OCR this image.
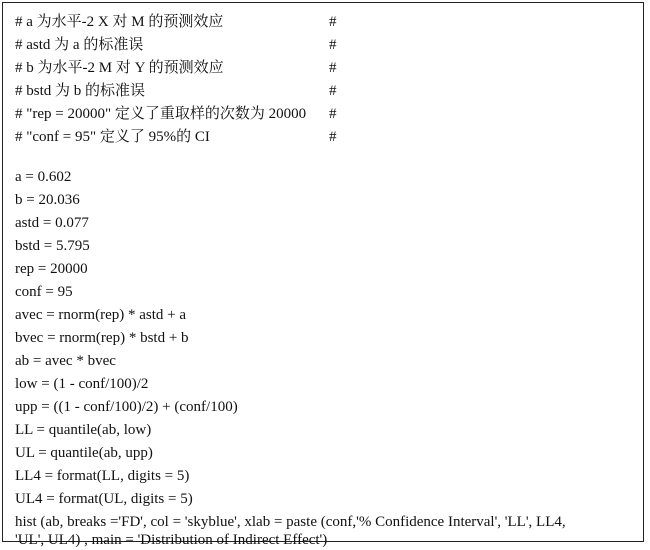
# a 为水平-2 X 对 M 的预测效应	#
# astd 为 a 的标准误	#
# b 为水平-2 M 对 Y 的预测效应	#
# bstd 为 b 的标准误	#
# "rep = 20000" 定义了重取样的次数为 20000 #
# "conf = 95" 定义了 95%的 CI	#
a = 0.602
b = 20.036
astd = 0.077
bstd = 5.795
rep = 20000
conf = 95
avec = rnorm(rep) * astd + a
bvec = rnorm(rep) * bstd + b
ab = avec * bvec
low = (1 - conf/100)/2
upp = ((1 - conf/100)/2) + (conf/100)
LL = quantile(ab, low)
UL = quantile(ab, upp)
LL4 = format(LL, digits = 5)
UL4 = format(UL, digits = 5)
hist (ab, breaks ='FD', col = 'skyblue', xlab = paste (conf,'% Confidence Interval', 'LL', LL4,
'UL', UL4) , main = 'Distribution of Indirect Effect')
